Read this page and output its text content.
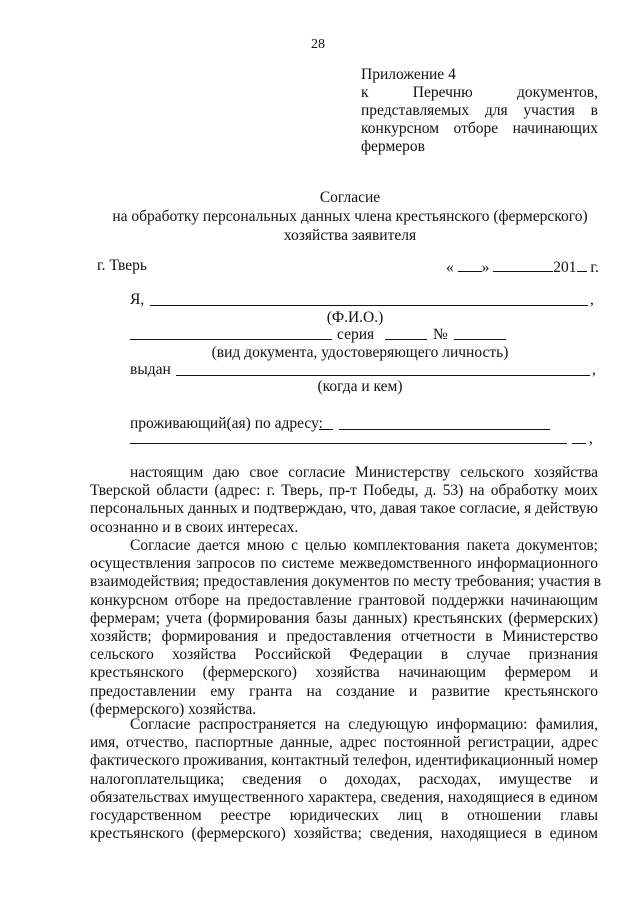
28
Приложение 4
к Перечню документов,
представляемых для участия в
конкурсном отборе начинающих
фермеров
Согласие
на обработку персональных данных члена крестьянского (фермерского)
хозяйства заявителя
г. Тверь	« »	201 г.
Я,	,
(Ф.И.О.)
серия	№
(вид документа, удостоверяющего личность)
выдан	,
(когда и кем)
проживающий(ая) по адресу:
,
настоящим даю свое согласие Министерству сельского хозяйства
Тверской области (адрес: г. Тверь, пр-т Победы, д. 53) на обработку моих
персональных данных и подтверждаю, что, давая такое согласие, я действую
осознанно и в своих интересах.
Согласие дается мною с целью комплектования пакета документов;
осуществления запросов по системе межведомственного информационного
взаимодействия; предоставления документов по месту требования; участия в
конкурсном отборе на предоставление грантовой поддержки начинающим
фермерам; учета (формирования базы данных) крестьянских (фермерских)
хозяйств; формирования и предоставления отчетности в Министерство
сельского хозяйства Российской Федерации в случае признания
крестьянского (фермерского) хозяйства начинающим фермером и
предоставлении ему гранта на создание и развитие крестьянского
(фермерского) хозяйства.
Согласие распространяется на следующую информацию: фамилия,
имя, отчество, паспортные данные, адрес постоянной регистрации, адрес
фактического проживания, контактный телефон, идентификационный номер
налогоплательщика; сведения о доходах, расходах, имуществе и
обязательствах имущественного характера, сведения, находящиеся в едином
государственном реестре юридических лиц в отношении главы
крестьянского (фермерского) хозяйства; сведения, находящиеся в едином
